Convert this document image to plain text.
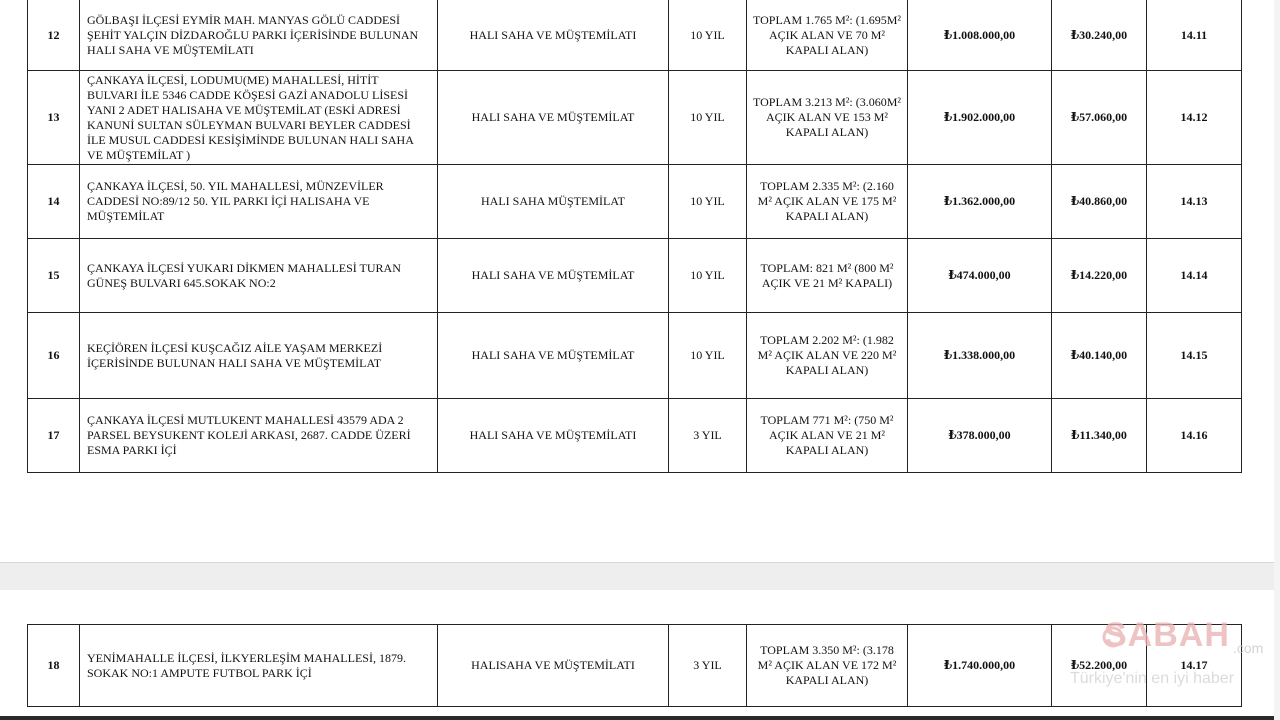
12	GÖLBAŞI İLÇESİ EYMİR MAH. MANYAS GÖLÜ CADDESİ ŞEHİT YALÇIN DİZDAROĞLU PARKI İÇERİSİNDE BULUNAN HALI SAHA VE MÜŞTEMİLATI	HALI SAHA VE MÜŞTEMİLATI	10 YIL	TOPLAM 1.765 M²: (1.695M² AÇIK ALAN VE 70 M² KAPALI ALAN)	₺1.008.000,00	₺30.240,00	14.11
13	ÇANKAYA İLÇESİ, LODUMU(ME) MAHALLESİ, HİTİT BULVARI İLE 5346 CADDE KÖŞESİ GAZİ ANADOLU LİSESİ YANI 2 ADET HALISAHA VE MÜŞTEMİLAT (ESKİ ADRESİ KANUNİ SULTAN SÜLEYMAN BULVARI BEYLER CADDESİ İLE MUSUL CADDESİ KESİŞİMİNDE BULUNAN HALI SAHA VE MÜŞTEMİLAT )	HALI SAHA VE MÜŞTEMİLAT	10 YIL	TOPLAM 3.213 M²: (3.060M² AÇIK ALAN VE 153 M² KAPALI ALAN)	₺1.902.000,00	₺57.060,00	14.12
14	ÇANKAYA İLÇESİ, 50. YIL MAHALLESİ, MÜNZEVİLER CADDESİ NO:89/12 50. YIL PARKI İÇİ HALISAHA VE MÜŞTEMİLAT	HALI SAHA MÜŞTEMİLAT	10 YIL	TOPLAM 2.335 M²: (2.160 M² AÇIK ALAN VE 175 M² KAPALI ALAN)	₺1.362.000,00	₺40.860,00	14.13
15	ÇANKAYA İLÇESİ YUKARI DİKMEN MAHALLESİ TURAN GÜNEŞ BULVARI 645.SOKAK NO:2	HALI SAHA VE MÜŞTEMİLAT	10 YIL	TOPLAM: 821 M² (800 M² AÇIK VE 21 M² KAPALI)	₺474.000,00	₺14.220,00	14.14
16	KEÇİÖREN İLÇESİ KUŞCAĞIZ AİLE YAŞAM MERKEZİ İÇERİSİNDE BULUNAN HALI SAHA VE MÜŞTEMİLAT	HALI SAHA VE MÜŞTEMİLAT	10 YIL	TOPLAM 2.202 M²: (1.982 M² AÇIK ALAN VE 220 M² KAPALI ALAN)	₺1.338.000,00	₺40.140,00	14.15
17	ÇANKAYA İLÇESİ MUTLUKENT MAHALLESİ 43579 ADA 2 PARSEL BEYSUKENT KOLEJİ ARKASI, 2687. CADDE ÜZERİ ESMA PARKI İÇİ	HALI SAHA VE MÜŞTEMİLATI	3 YIL	TOPLAM 771 M²: (750 M² AÇIK ALAN VE 21 M² KAPALI ALAN)	₺378.000,00	₺11.340,00	14.16
18	YENİMAHALLE İLÇESİ, İLKYERLEŞİM MAHALLESİ, 1879. SOKAK NO:1 AMPUTE FUTBOL PARK İÇİ	HALISAHA VE MÜŞTEMİLATI	3 YIL	TOPLAM 3.350 M²: (3.178 M² AÇIK ALAN VE 172 M² KAPALI ALAN)	₺1.740.000,00	₺52.200,00	14.17
SABAH .com
Türkiye'nin en iyi haber
